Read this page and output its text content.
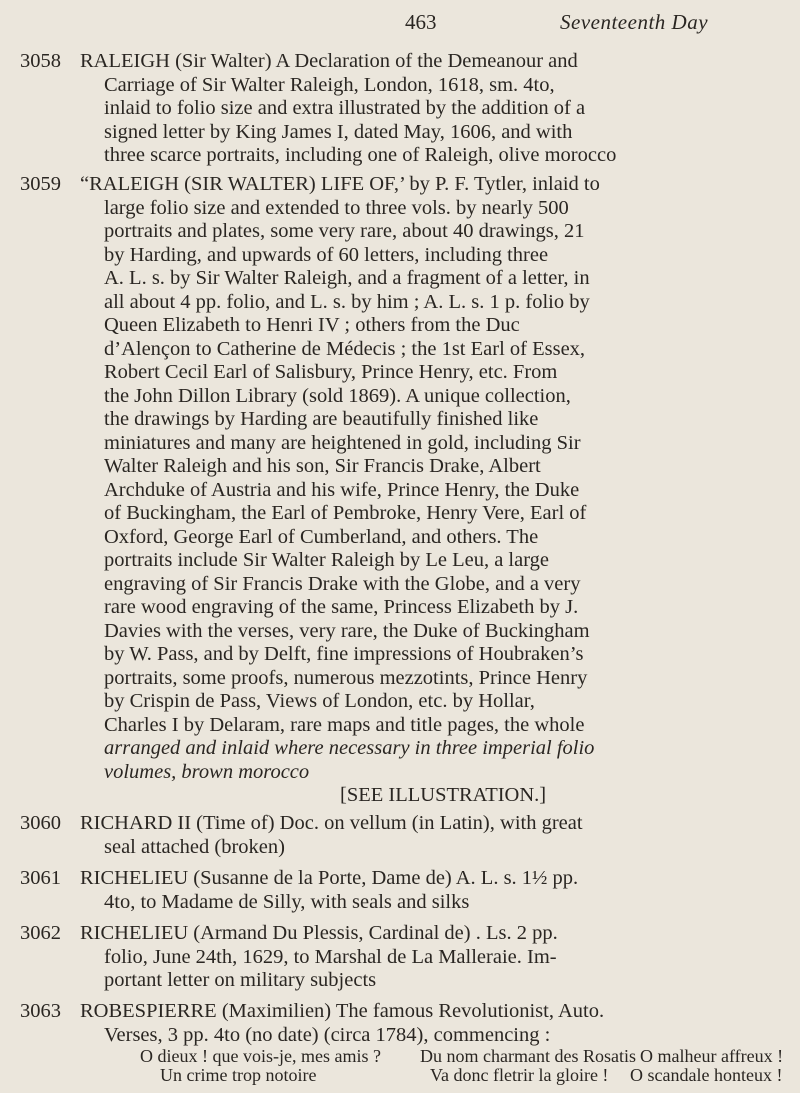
463	Seventeenth Day
3058 RALEIGH (Sir Walter) A Declaration of the Demeanour and
Carriage of Sir Walter Raleigh, London, 1618, sm. 4to,
inlaid to folio size and extra illustrated by the addition of a
signed letter by King James I, dated May, 1606, and with
three scarce portraits, including one of Raleigh, olive morocco
3059 “RALEIGH (SIR WALTER) LIFE OF,’ by P. F. Tytler, inlaid to
large folio size and extended to three vols. by nearly 500
portraits and plates, some very rare, about 40 drawings, 21
by Harding, and upwards of 60 letters, including three
A. L. s. by Sir Walter Raleigh, and a fragment of a letter, in
all about 4 pp. folio, and L. s. by him ; A. L. s. 1 p. folio by
Queen Elizabeth to Henri IV ; others from the Duc
d’Alençon to Catherine de Médecis ; the 1st Earl of Essex,
Robert Cecil Earl of Salisbury, Prince Henry, etc. From
the John Dillon Library (sold 1869). A unique collection,
the drawings by Harding are beautifully finished like
miniatures and many are heightened in gold, including Sir
Walter Raleigh and his son, Sir Francis Drake, Albert
Archduke of Austria and his wife, Prince Henry, the Duke
of Buckingham, the Earl of Pembroke, Henry Vere, Earl of
Oxford, George Earl of Cumberland, and others. The
portraits include Sir Walter Raleigh by Le Leu, a large
engraving of Sir Francis Drake with the Globe, and a very
rare wood engraving of the same, Princess Elizabeth by J.
Davies with the verses, very rare, the Duke of Buckingham
by W. Pass, and by Delft, fine impressions of Houbraken’s
portraits, some proofs, numerous mezzotints, Prince Henry
by Crispin de Pass, Views of London, etc. by Hollar,
Charles I by Delaram, rare maps and title pages, the whole
arranged and inlaid where necessary in three imperial folio
volumes, brown morocco
[SEE ILLUSTRATION.]
3060 RICHARD II (Time of) Doc. on vellum (in Latin), with great
seal attached (broken)
3061 RICHELIEU (Susanne de la Porte, Dame de) A. L. s. 1½ pp.
4to, to Madame de Silly, with seals and silks
3062 RICHELIEU (Armand Du Plessis, Cardinal de) . Ls. 2 pp.
folio, June 24th, 1629, to Marshal de La Malleraie. Im-
portant letter on military subjects
3063 ROBESPIERRE (Maximilien) The famous Revolutionist, Auto.
Verses, 3 pp. 4to (no date) (circa 1784), commencing :
O dieux ! que vois-je, mes amis ?
Un crime trop notoire
Du nom charmant des Rosatis
Va donc fletrir la gloire !
O malheur affreux !
O scandale honteux !
